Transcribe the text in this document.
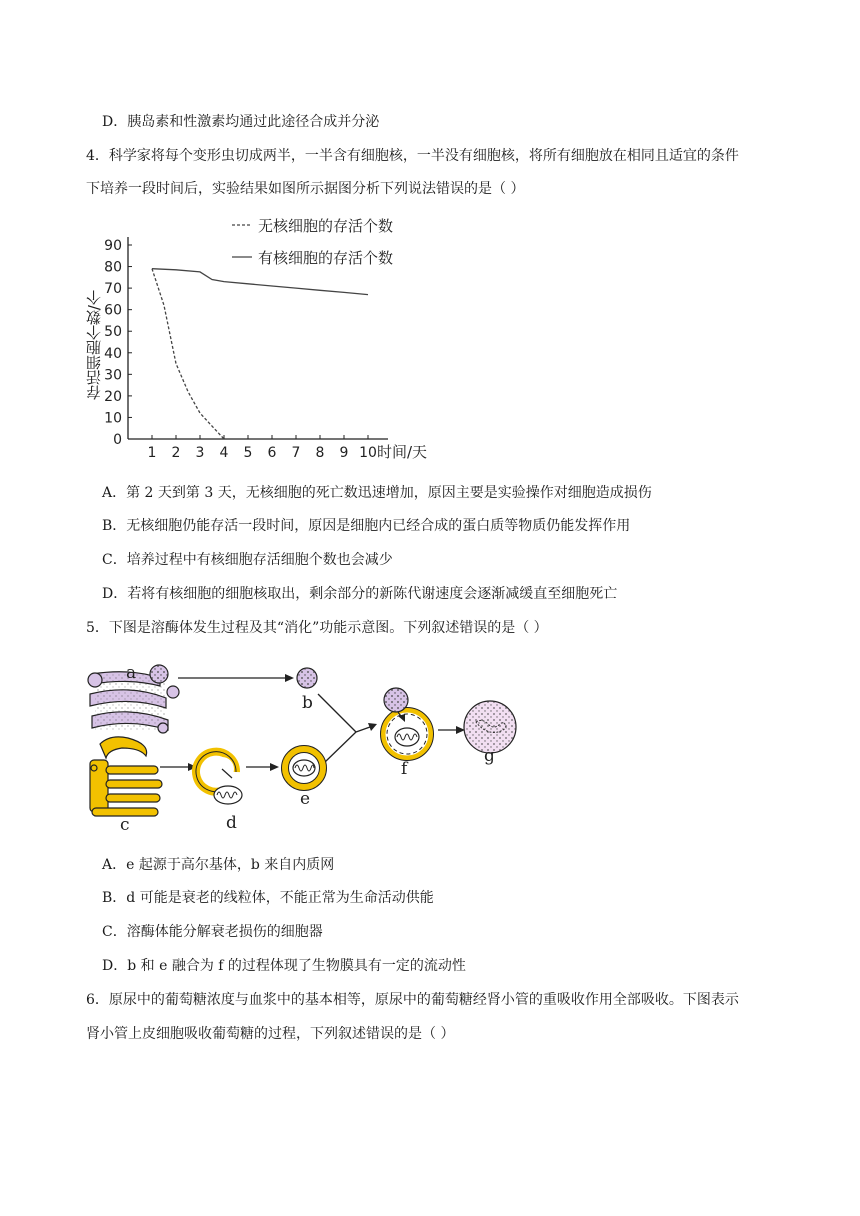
D．胰岛素和性激素均通过此途径合成并分泌
4．科学家将每个变形虫切成两半，一半含有细胞核，一半没有细胞核，将所有细胞放在相同且适宜的条件
下培养一段时间后，实验结果如图所示据图分析下列说法错误的是（ ）
无核细胞的存活个数
有核细胞的存活个数
0
10
20
30
40
50
60
70
80
90
1 2 3 4 5 6 7 8 9 10 时间/天
存活细胞个数/个
A．第 2 天到第 3 天，无核细胞的死亡数迅速增加，原因主要是实验操作对细胞造成损伤
B．无核细胞仍能存活一段时间，原因是细胞内已经合成的蛋白质等物质仍能发挥作用
C．培养过程中有核细胞存活细胞个数也会减少
D．若将有核细胞的细胞核取出，剩余部分的新陈代谢速度会逐渐减缓直至细胞死亡
5．下图是溶酶体发生过程及其“消化”功能示意图。下列叙述错误的是（ ）
a
b
c	d
e
f
g
A．e 起源于高尔基体，b 来自内质网
B．d 可能是衰老的线粒体，不能正常为生命活动供能
C．溶酶体能分解衰老损伤的细胞器
D．b 和 e 融合为 f 的过程体现了生物膜具有一定的流动性
6．原尿中的葡萄糖浓度与血浆中的基本相等，原尿中的葡萄糖经肾小管的重吸收作用全部吸收。下图表示
肾小管上皮细胞吸收葡萄糖的过程，下列叙述错误的是（ ）
